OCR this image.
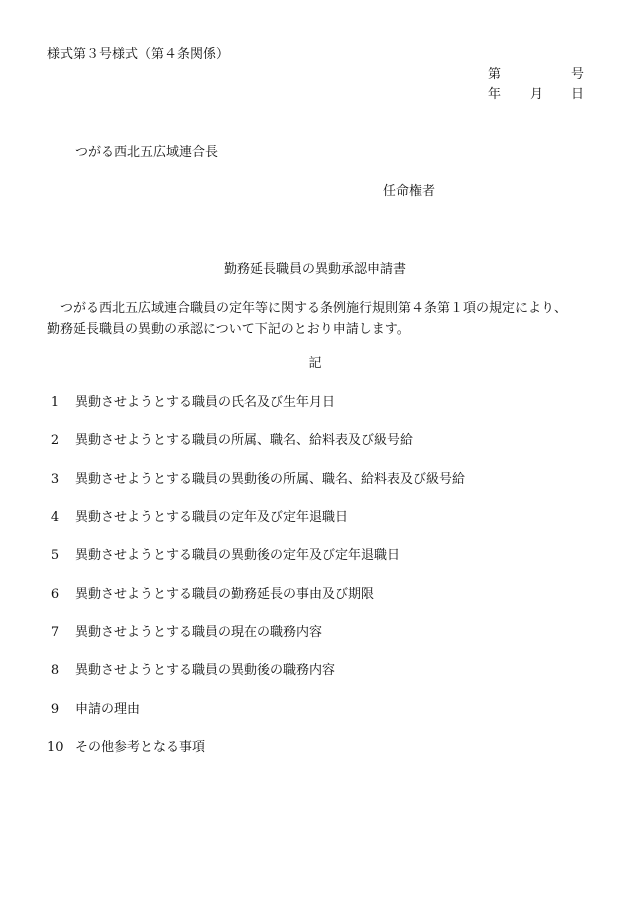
様式第３号様式（第４条関係）
第	号
年 月 日
つがる西北五広域連合長
任命権者
勤務延長職員の異動承認申請書
　つがる西北五広域連合職員の定年等に関する条例施行規則第４条第１項の規定により、
勤務延長職員の異動の承認について下記のとおり申請します。
記
1 異動させようとする職員の氏名及び生年月日
2 異動させようとする職員の所属、職名、給料表及び級号給
3 異動させようとする職員の異動後の所属、職名、給料表及び級号給
4 異動させようとする職員の定年及び定年退職日
5 異動させようとする職員の異動後の定年及び定年退職日
6 異動させようとする職員の勤務延長の事由及び期限
7 異動させようとする職員の現在の職務内容
8 異動させようとする職員の異動後の職務内容
9 申請の理由
10 その他参考となる事項
